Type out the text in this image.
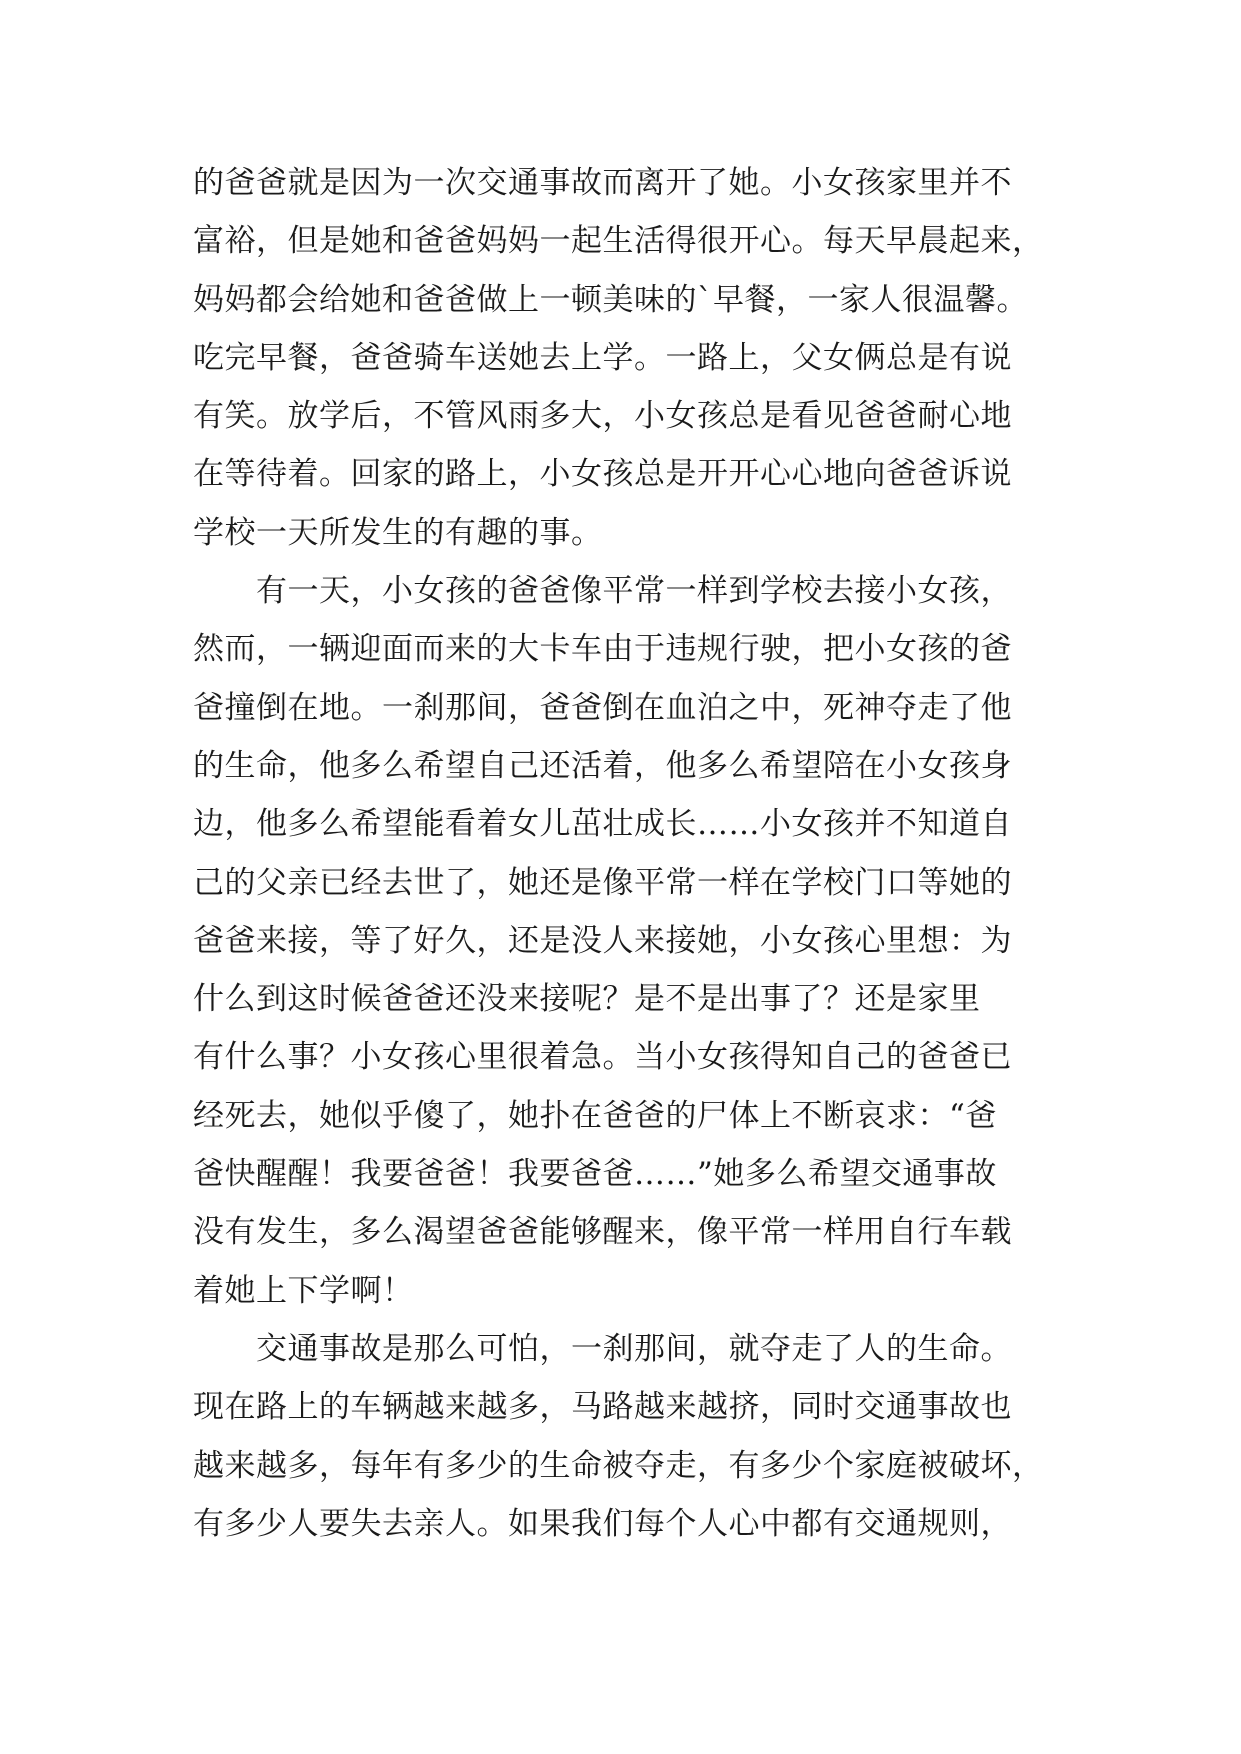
的爸爸就是因为一次交通事故而离开了她。小女孩家里并不
富裕，但是她和爸爸妈妈一起生活得很开心。每天早晨起来，
妈妈都会给她和爸爸做上一顿美味的`早餐，一家人很温馨。
吃完早餐，爸爸骑车送她去上学。一路上，父女俩总是有说
有笑。放学后，不管风雨多大，小女孩总是看见爸爸耐心地
在等待着。回家的路上，小女孩总是开开心心地向爸爸诉说
学校一天所发生的有趣的事。
　　有一天，小女孩的爸爸像平常一样到学校去接小女孩，
然而，一辆迎面而来的大卡车由于违规行驶，把小女孩的爸
爸撞倒在地。一刹那间，爸爸倒在血泊之中，死神夺走了他
的生命，他多么希望自己还活着，他多么希望陪在小女孩身
边，他多么希望能看着女儿茁壮成长……小女孩并不知道自
己的父亲已经去世了，她还是像平常一样在学校门口等她的
爸爸来接，等了好久，还是没人来接她，小女孩心里想：为
什么到这时候爸爸还没来接呢？是不是出事了？还是家里
有什么事？小女孩心里很着急。当小女孩得知自己的爸爸已
经死去，她似乎傻了，她扑在爸爸的尸体上不断哀求：“爸
爸快醒醒！我要爸爸！我要爸爸……”她多么希望交通事故
没有发生，多么渴望爸爸能够醒来，像平常一样用自行车载
着她上下学啊！
　　交通事故是那么可怕，一刹那间，就夺走了人的生命。
现在路上的车辆越来越多，马路越来越挤，同时交通事故也
越来越多，每年有多少的生命被夺走，有多少个家庭被破坏，
有多少人要失去亲人。如果我们每个人心中都有交通规则，
